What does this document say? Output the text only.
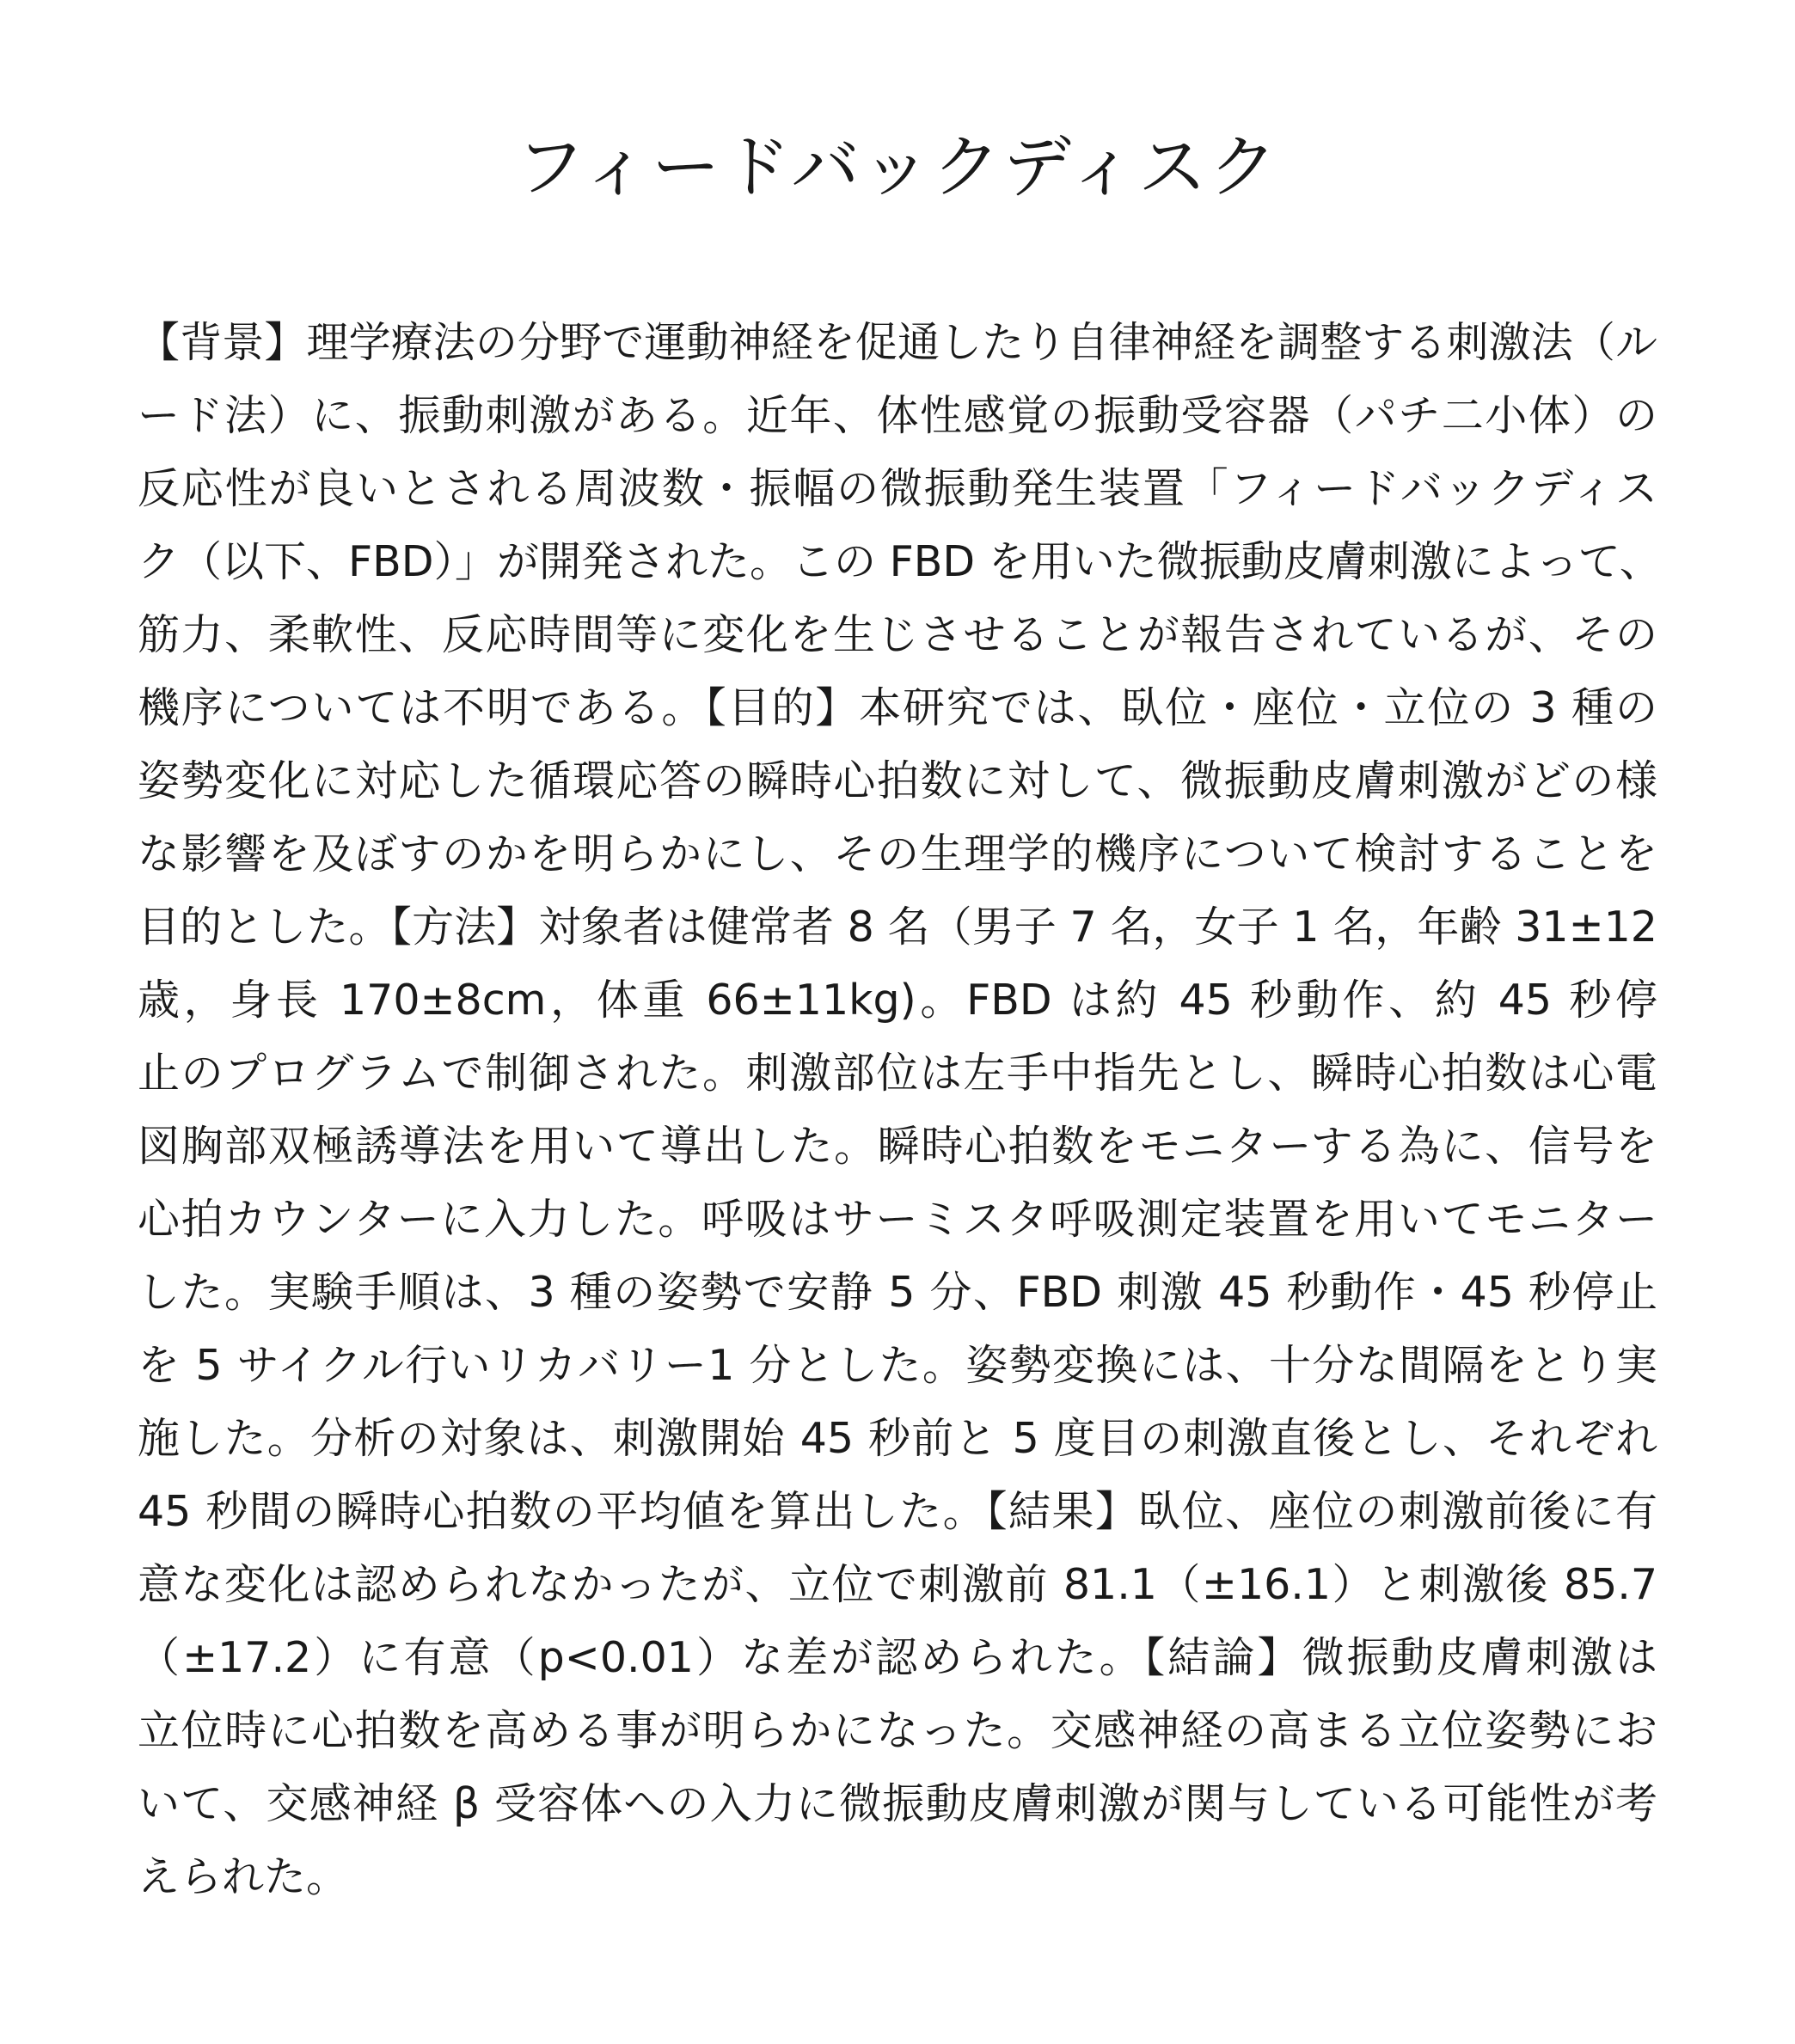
フィードバックディスク
【背景】理学療法の分野で運動神経を促通したり自律神経を調整する刺激法（ル
ード法）に、振動刺激がある。近年、体性感覚の振動受容器（パチ二小体）の
反応性が良いとされる周波数・振幅の微振動発生装置「フィードバックディス
ク（以下、FBD）」が開発された。この FBD を用いた微振動皮膚刺激によって、
筋力、柔軟性、反応時間等に変化を生じさせることが報告されているが、その
機序については不明である。【目的】本研究では、臥位・座位・立位の 3 種の
姿勢変化に対応した循環応答の瞬時心拍数に対して、微振動皮膚刺激がどの様
な影響を及ぼすのかを明らかにし、その生理学的機序について検討することを
目的とした。【方法】対象者は健常者 8 名（男子 7 名，女子 1 名，年齢 31±12
歳，身長 170±8cm，体重 66±11kg)。FBD は約 45 秒動作、約 45 秒停
止のプログラムで制御された。刺激部位は左手中指先とし、瞬時心拍数は心電
図胸部双極誘導法を用いて導出した。瞬時心拍数をモニターする為に、信号を
心拍カウンターに入力した。呼吸はサーミスタ呼吸測定装置を用いてモニター
した。実験手順は、3 種の姿勢で安静 5 分、FBD 刺激 45 秒動作・45 秒停止
を 5 サイクル行いリカバリー1 分とした。姿勢変換には、十分な間隔をとり実
施した。分析の対象は、刺激開始 45 秒前と 5 度目の刺激直後とし、それぞれ
45 秒間の瞬時心拍数の平均値を算出した。【結果】臥位、座位の刺激前後に有
意な変化は認められなかったが、立位で刺激前 81.1（±16.1）と刺激後 85.7
（±17.2）に有意（p<0.01）な差が認められた。【結論】微振動皮膚刺激は
立位時に心拍数を高める事が明らかになった。交感神経の高まる立位姿勢にお
いて、交感神経 β 受容体への入力に微振動皮膚刺激が関与している可能性が考
えられた。
